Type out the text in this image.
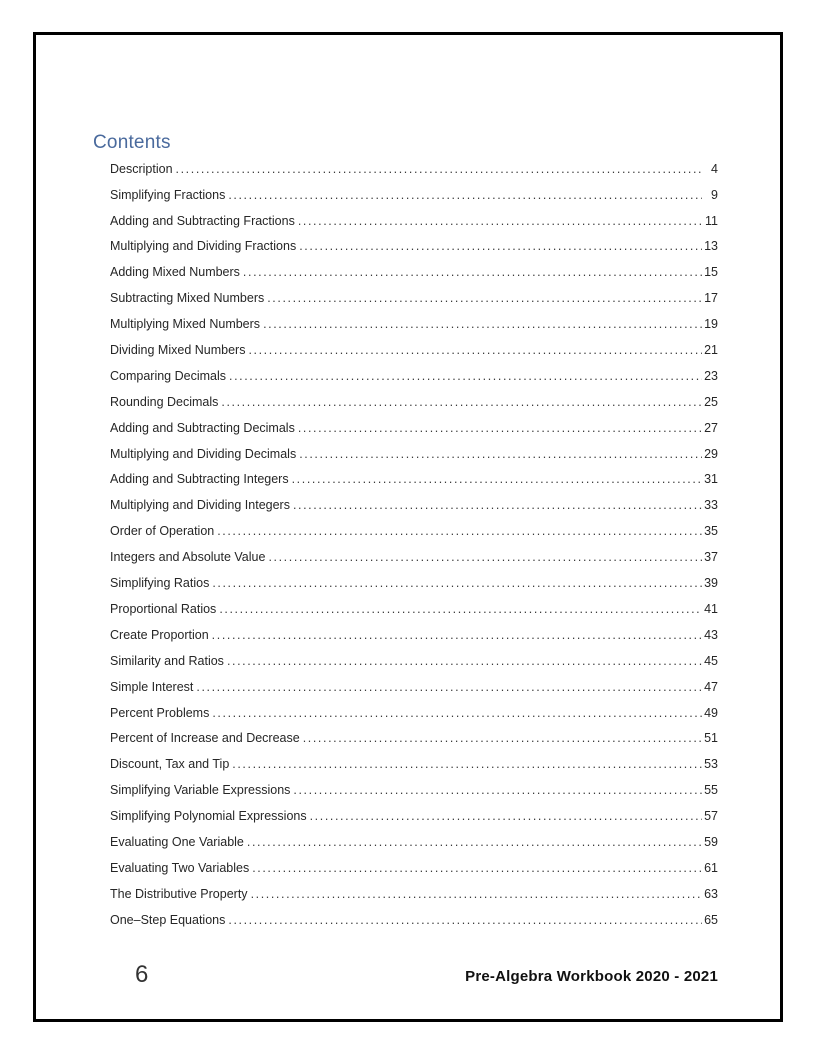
Contents
Description .....	4
Simplifying Fractions .....	9
Adding and Subtracting Fractions .....	11
Multiplying and Dividing Fractions .....	13
Adding Mixed Numbers .....	15
Subtracting Mixed Numbers .....	17
Multiplying Mixed Numbers .....	19
Dividing Mixed Numbers .....	21
Comparing Decimals .....	23
Rounding Decimals .....	25
Adding and Subtracting Decimals .....	27
Multiplying and Dividing Decimals .....	29
Adding and Subtracting Integers .....	31
Multiplying and Dividing Integers .....	33
Order of Operation .....	35
Integers and Absolute Value .....	37
Simplifying Ratios .....	39
Proportional Ratios .....	41
Create Proportion .....	43
Similarity and Ratios .....	45
Simple Interest .....	47
Percent Problems .....	49
Percent of Increase and Decrease .....	51
Discount, Tax and Tip .....	53
Simplifying Variable Expressions .....	55
Simplifying Polynomial Expressions .....	57
Evaluating One Variable .....	59
Evaluating Two Variables .....	61
The Distributive Property .....	63
One–Step Equations .....	65
6	Pre-Algebra Workbook 2020 - 2021
